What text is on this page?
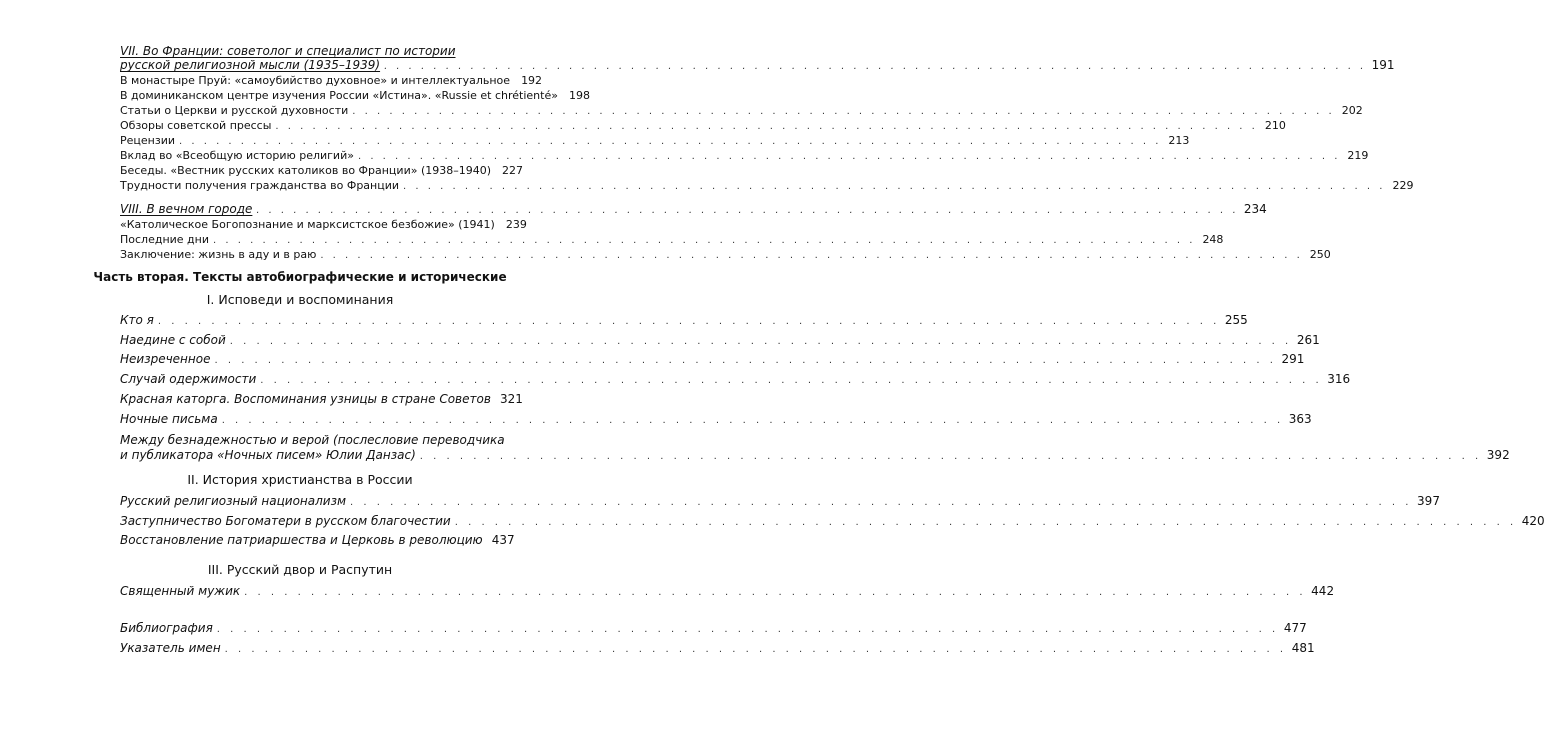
VII. Во Франции: советолог и специалист по истории
русской религиозной мысли (1935–1939) . . . . . . . . . . . . . . . . . . . . . . . . . . . . . . . . . . . . . . . . . . . . . . . . . . . . . . . . . . . . . . . . . . . . . . . . . . . . . . . . 191
В монастыре Пруй: «самоубийство духовное» и интеллектуальное 192
В доминиканском центре изучения России «Истина». «Russie et chrétienté» 198
Статьи о Церкви и русской духовности . . . . . . . . . . . . . . . . . . . . . . . . . . . . . . . . . . . . . . . . . . . . . . . . . . . . . . . . . . . . . . . . . . . . . . . . . . . . . . . . 202
Обзоры советской прессы . . . . . . . . . . . . . . . . . . . . . . . . . . . . . . . . . . . . . . . . . . . . . . . . . . . . . . . . . . . . . . . . . . . . . . . . . . . . . . . . 210
Рецензии . . . . . . . . . . . . . . . . . . . . . . . . . . . . . . . . . . . . . . . . . . . . . . . . . . . . . . . . . . . . . . . . . . . . . . . . . . . . . . . . 213
Вклад во «Всеобщую историю религий» . . . . . . . . . . . . . . . . . . . . . . . . . . . . . . . . . . . . . . . . . . . . . . . . . . . . . . . . . . . . . . . . . . . . . . . . . . . . . . . . 219
Беседы. «Вестник русских католиков во Франции» (1938–1940) 227
Трудности получения гражданства во Франции . . . . . . . . . . . . . . . . . . . . . . . . . . . . . . . . . . . . . . . . . . . . . . . . . . . . . . . . . . . . . . . . . . . . . . . . . . . . . . . . 229
VIII. В вечном городе . . . . . . . . . . . . . . . . . . . . . . . . . . . . . . . . . . . . . . . . . . . . . . . . . . . . . . . . . . . . . . . . . . . . . . . . . . . . . . . . 234
«Католическое Богопознание и марксистское безбожие» (1941) 239
Последние дни . . . . . . . . . . . . . . . . . . . . . . . . . . . . . . . . . . . . . . . . . . . . . . . . . . . . . . . . . . . . . . . . . . . . . . . . . . . . . . . . 248
Заключение: жизнь в аду и в раю . . . . . . . . . . . . . . . . . . . . . . . . . . . . . . . . . . . . . . . . . . . . . . . . . . . . . . . . . . . . . . . . . . . . . . . . . . . . . . . . 250
Часть вторая. Тексты автобиографические и исторические
I. Исповеди и воспоминания
Кто я . . . . . . . . . . . . . . . . . . . . . . . . . . . . . . . . . . . . . . . . . . . . . . . . . . . . . . . . . . . . . . . . . . . . . . . . . . . . . . . . 255
Наедине с собой . . . . . . . . . . . . . . . . . . . . . . . . . . . . . . . . . . . . . . . . . . . . . . . . . . . . . . . . . . . . . . . . . . . . . . . . . . . . . . . . 261
Неизреченное . . . . . . . . . . . . . . . . . . . . . . . . . . . . . . . . . . . . . . . . . . . . . . . . . . . . . . . . . . . . . . . . . . . . . . . . . . . . . . . . 291
Случай одержимости . . . . . . . . . . . . . . . . . . . . . . . . . . . . . . . . . . . . . . . . . . . . . . . . . . . . . . . . . . . . . . . . . . . . . . . . . . . . . . . . 316
Красная каторга. Воспоминания узницы в стране Советов 321
Ночные письма . . . . . . . . . . . . . . . . . . . . . . . . . . . . . . . . . . . . . . . . . . . . . . . . . . . . . . . . . . . . . . . . . . . . . . . . . . . . . . . . 363
Между безнадежностью и верой (послесловие переводчика
и публикатора «Ночных писем» Юлии Данзас) . . . . . . . . . . . . . . . . . . . . . . . . . . . . . . . . . . . . . . . . . . . . . . . . . . . . . . . . . . . . . . . . . . . . . . . . . . . . . . . . 392
II. История христианства в России
Русский религиозный национализм . . . . . . . . . . . . . . . . . . . . . . . . . . . . . . . . . . . . . . . . . . . . . . . . . . . . . . . . . . . . . . . . . . . . . . . . . . . . . . . . 397
Заступничество Богоматери в русском благочестии . . . . . . . . . . . . . . . . . . . . . . . . . . . . . . . . . . . . . . . . . . . . . . . . . . . . . . . . . . . . . . . . . . . . . . . . . . . . . . . . 420
Восстановление патриаршества и Церковь в революцию 437
III. Русский двор и Распутин
Священный мужик . . . . . . . . . . . . . . . . . . . . . . . . . . . . . . . . . . . . . . . . . . . . . . . . . . . . . . . . . . . . . . . . . . . . . . . . . . . . . . . . 442
Библиография . . . . . . . . . . . . . . . . . . . . . . . . . . . . . . . . . . . . . . . . . . . . . . . . . . . . . . . . . . . . . . . . . . . . . . . . . . . . . . . . 477
Указатель имен . . . . . . . . . . . . . . . . . . . . . . . . . . . . . . . . . . . . . . . . . . . . . . . . . . . . . . . . . . . . . . . . . . . . . . . . . . . . . . . . 481
